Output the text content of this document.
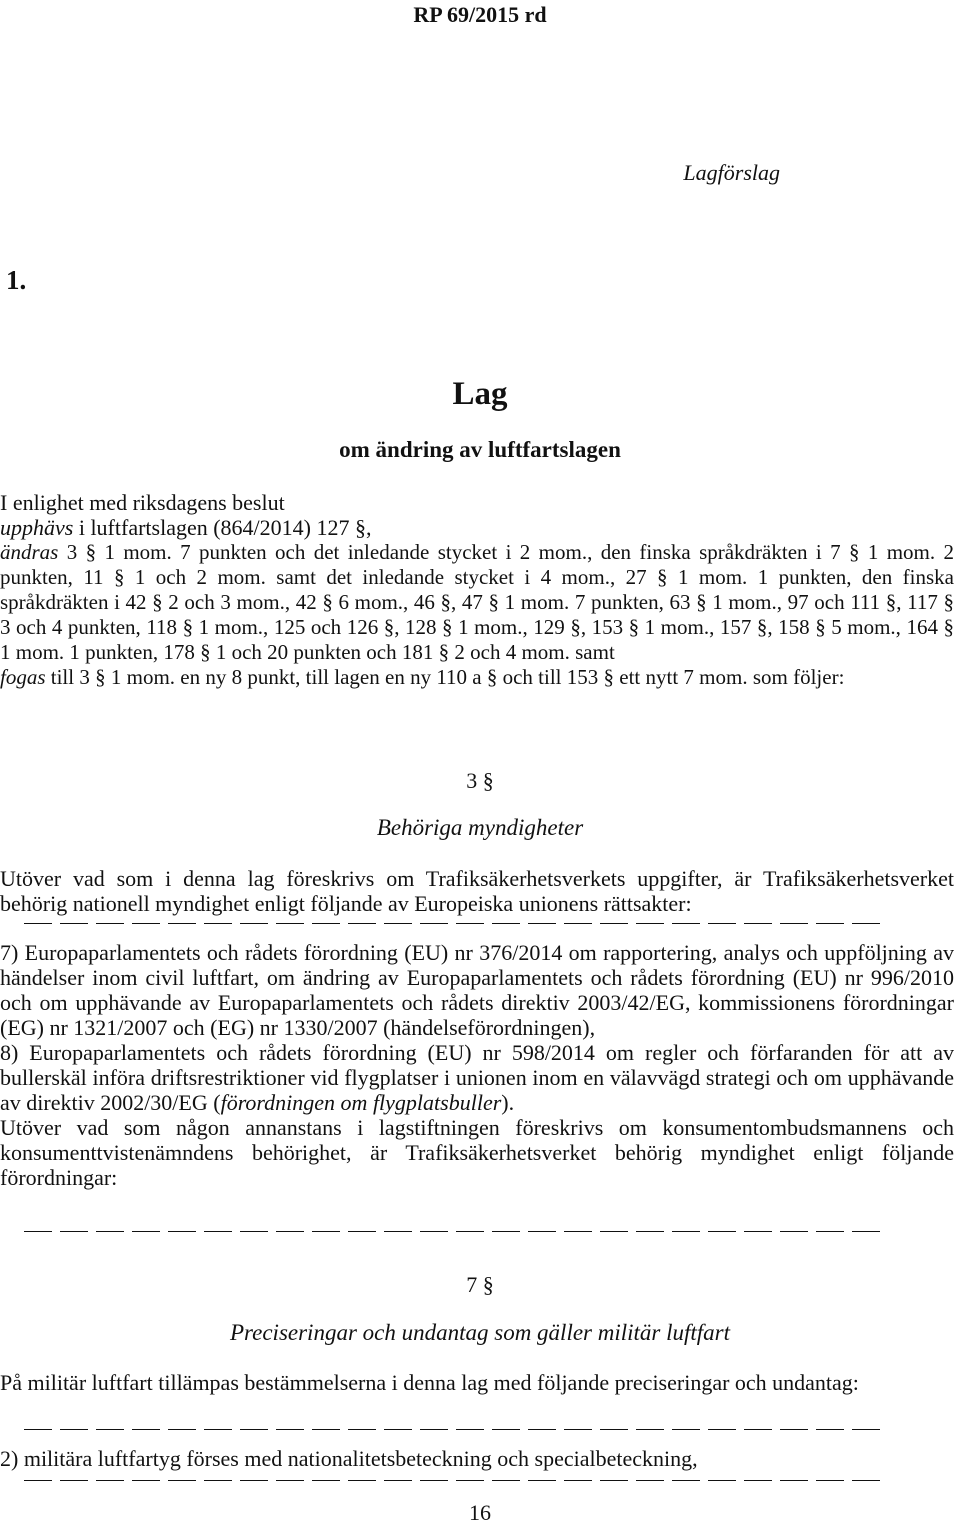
RP 69/2015 rd
Lagförslag
1.
Lag
om ändring av luftfartslagen

I enlighet med riksdagens beslut

upphävs i luftfartslagen (864/2014) 127 §,

ändras 3 § 1 mom. 7 punkten och det inledande stycket i 2 mom., den finska språkdräkten i 7 § 1 mom. 2 punkten, 11 § 1 och 2 mom. samt det inledande stycket i 4 mom., 27 § 1 mom. 1 punkten, den finska språkdräkten i 42 § 2 och 3 mom., 42 § 6 mom., 46 §, 47 § 1 mom. 7 punkten, 63 § 1 mom., 97 och 111 §, 117 § 3 och 4 punkten, 118 § 1 mom., 125 och 126 §, 128 § 1 mom., 129 §, 153 § 1 mom., 157 §, 158 § 5 mom., 164 § 1 mom. 1 punkten, 178 § 1 och 20 punkten och 181 § 2 och 4 mom. samt

fogas till 3 § 1 mom. en ny 8 punkt, till lagen en ny 110 a § och till 153 § ett nytt 7 mom. som följer:

3 §
Behöriga myndigheter

Utöver vad som i denna lag föreskrivs om Trafiksäkerhetsverkets uppgifter, är Trafiksäkerhetsverket behörig nationell myndighet enligt följande av Europeiska unionens rättsakter:

7) Europaparlamentets och rådets förordning (EU) nr 376/2014 om rapportering, analys och uppföljning av händelser inom civil luftfart, om ändring av Europaparlamentets och rådets förordning (EU) nr 996/2010 och om upphävande av Europaparlamentets och rådets direktiv 2003/42/EG, kommissionens förordningar (EG) nr 1321/2007 och (EG) nr 1330/2007 (händelseförordningen),

8) Europaparlamentets och rådets förordning (EU) nr 598/2014 om regler och förfaranden för att av bullerskäl införa driftsrestriktioner vid flygplatser i unionen inom en välavvägd strategi och om upphävande av direktiv 2002/30/EG (förordningen om flygplatsbuller).

Utöver vad som någon annanstans i lagstiftningen föreskrivs om konsumentombudsmannens och konsumenttvistenämndens behörighet, är Trafiksäkerhetsverket behörig myndighet enligt följande förordningar:

7 §
Preciseringar och undantag som gäller militär luftfart

På militär luftfart tillämpas bestämmelserna i denna lag med följande preciseringar och undantag:

2) militära luftfartyg förses med nationalitetsbeteckning och specialbeteckning,

16
